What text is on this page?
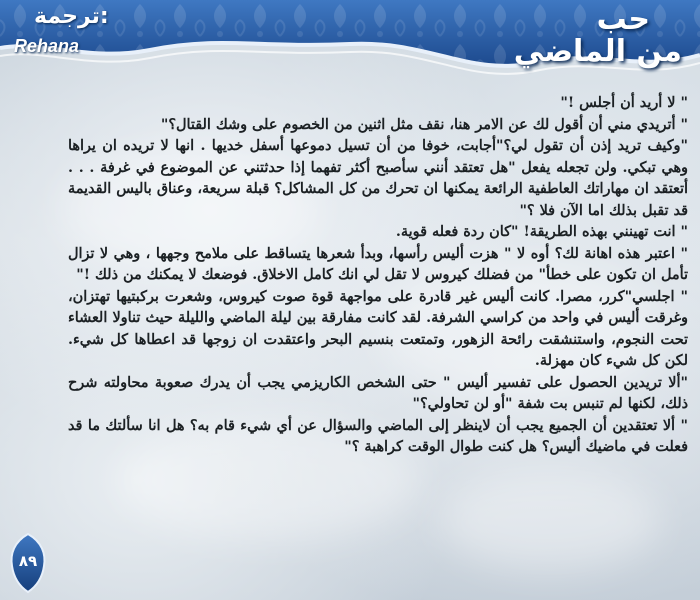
ترجمة:
Rehana
حب
من الماضي

" لا أريد أن أجلس !"

" أتريدي مني أن أقول لك عن الامر هنا، نقف مثل اثنين من الخصوم على وشك القتال؟"

"وكيف تريد إذن أن تقول لي؟"أجابت، خوفا من أن تسيل دموعها أسفل خديها . انها لا تريده ان يراها وهي تبكي. ولن تجعله يفعل "هل تعتقد أنني سأصبح أكثر تفهما إذا حدثتني عن الموضوع في غرفة . . . أتعتقد ان مهاراتك العاطفية الرائعة يمكنها ان تحرك من كل المشاكل؟ قبلة سريعة، وعناق باليس القديمة قد تقبل بذلك اما الآن فلا ؟"

" انت تهينني بهذه الطريقة! "كان ردة فعله قوية.

" اعتبر هذه اهانة لك؟ أوه لا " هزت أليس رأسها، وبدأ شعرها يتساقط على ملامح وجهها ، وهي لا تزال تأمل ان تكون على خطأ" من فضلك كيروس لا تقل لي انك كامل الاخلاق. فوضعك لا يمكنك من ذلك !"

" اجلسي"كرر، مصرا. كانت أليس غير قادرة على مواجهة قوة صوت كيروس، وشعرت بركبتيها تهتزان، وغرقت أليس في واحد من كراسي الشرفة. لقد كانت مفارقة بين ليلة الماضي والليلة حيث تناولا العشاء تحت النجوم، واستنشقت رائحة الزهور، وتمتعت بنسيم البحر واعتقدت ان زوجها قد اعطاها كل شيء. لكن كل شيء كان مهزلة.

"ألا تريدين الحصول على تفسير أليس " حتى الشخص الكاريزمي يجب أن يدرك صعوبة محاولته شرح ذلك، لكنها لم تنبس بت شفة "أو لن تحاولي؟"

" ألا تعتقدين أن الجميع يجب أن لاينظر إلى الماضي والسؤال عن أي شيء قام به؟ هل انا سألتك ما قد فعلت في ماضيك أليس؟ هل كنت طوال الوقت كراهبة ؟"

٨٩
